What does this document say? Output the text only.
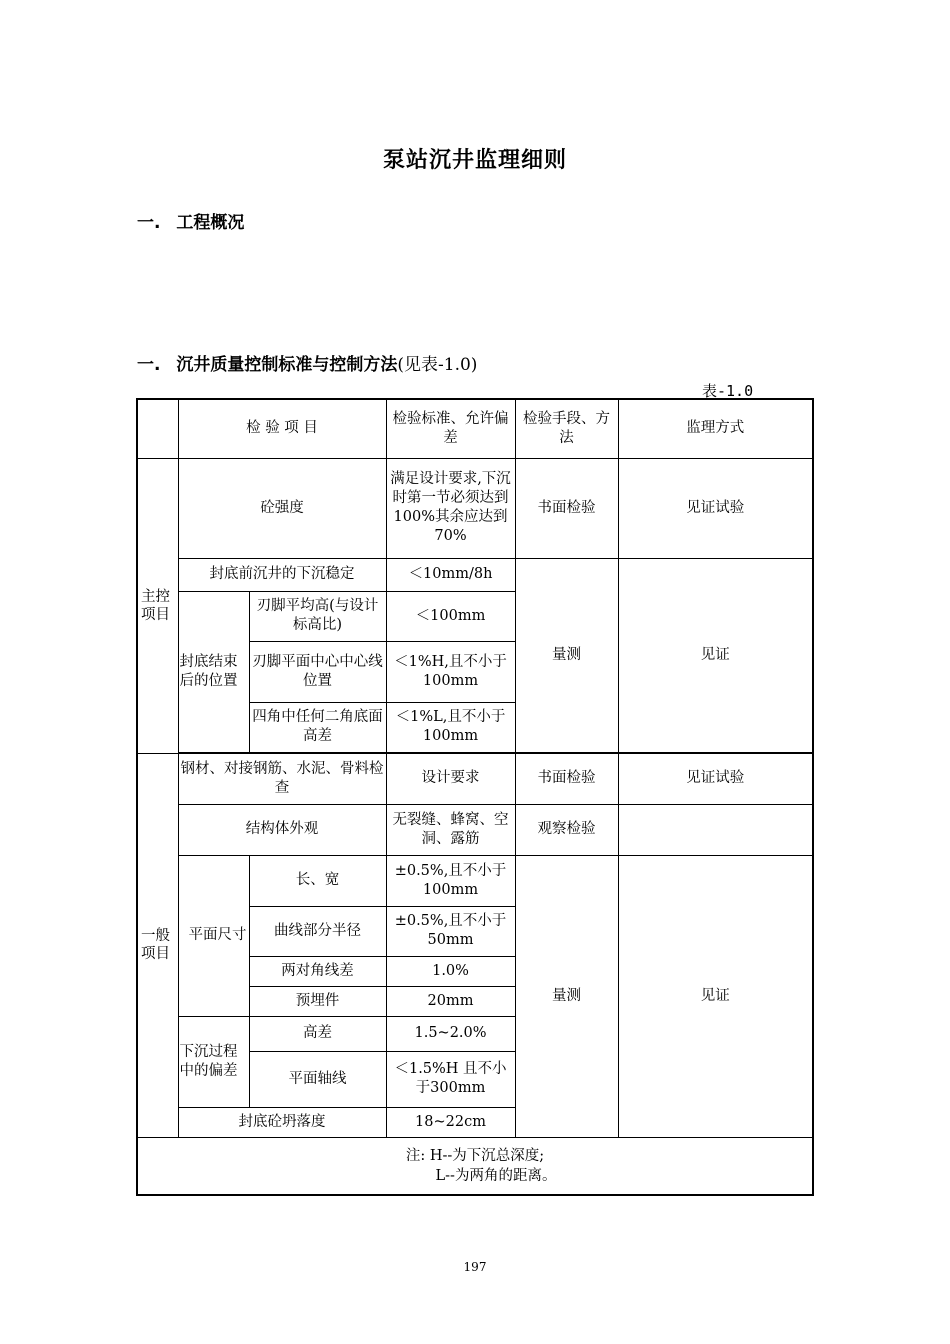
泵站沉井监理细则
一. 工程概况
一. 沉井质量控制标准与控制方法(见表-1.0)
表-1.0
	检 验 项 目		检验标准、允许偏差	检验手段、方法	监理方式
主控项目	砼强度		满足设计要求,下沉时第一节必须达到100%其余应达到70%	书面检验	见证试验
	封底前沉井的下沉稳定		＜10mm/8h	量测	见证
	封底结束后的位置	刃脚平均高(与设计标高比)	＜100mm		
		刃脚平面中心中心线位置	＜1%H,且不小于100mm		
		四角中任何二角底面高差	＜1%L,且不小于100mm		

一般项目	钢材、对接钢筋、水泥、骨料检查		设计要求	书面检验	见证试验
	结构体外观		无裂缝、蜂窝、空洞、露筋	观察检验	
	平面尺寸	长、宽	±0.5%,且不小于100mm	量测	见证
		曲线部分半径	±0.5%,且不小于50mm		
		两对角线差	1.0%		
		预埋件	20mm		
	下沉过程中的偏差	高差	1.5~2.0%		
		平面轴线	＜1.5%H 且不小于300mm		
	封底砼坍落度		18~22cm		

注: H--为下沉总深度;
L--为两角的距离。					
197
